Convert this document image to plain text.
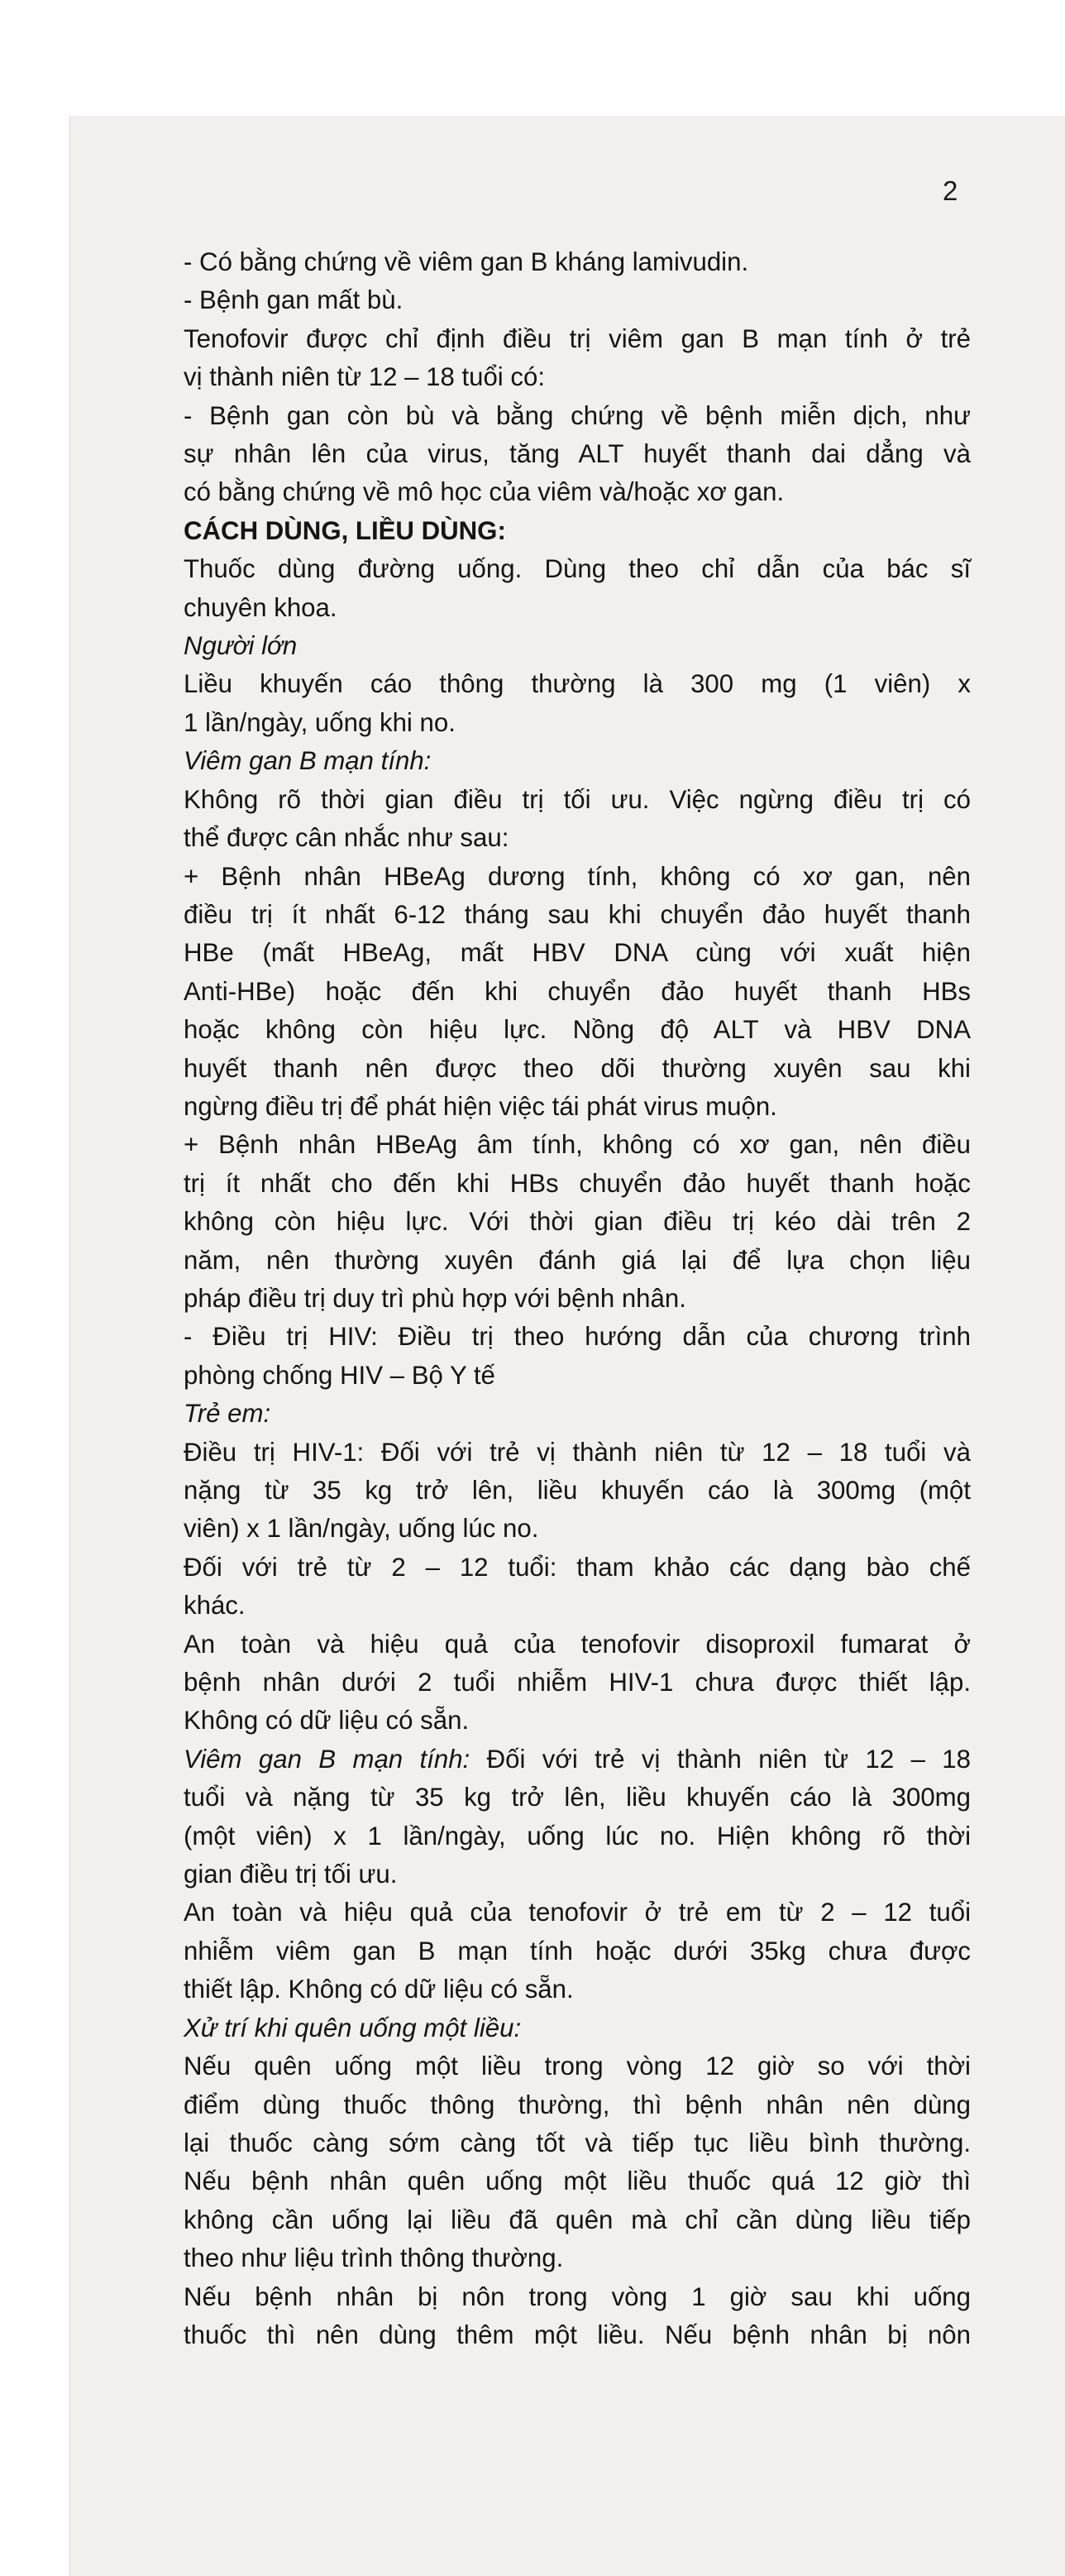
2
- Có bằng chứng về viêm gan B kháng lamivudin.
- Bệnh gan mất bù.
Tenofovir được chỉ định điều trị viêm gan B mạn tính ở trẻ
vị thành niên từ 12 – 18 tuổi có:
- Bệnh gan còn bù và bằng chứng về bệnh miễn dịch, như
sự nhân lên của virus, tăng ALT huyết thanh dai dẳng và
có bằng chứng về mô học của viêm và/hoặc xơ gan.
CÁCH DÙNG, LIỀU DÙNG:
Thuốc dùng đường uống. Dùng theo chỉ dẫn của bác sĩ
chuyên khoa.
Người lớn
Liều khuyến cáo thông thường là 300 mg (1 viên) x
1 lần/ngày, uống khi no.
Viêm gan B mạn tính:
Không rõ thời gian điều trị tối ưu. Việc ngừng điều trị có
thể được cân nhắc như sau:
+ Bệnh nhân HBeAg dương tính, không có xơ gan, nên
điều trị ít nhất 6-12 tháng sau khi chuyển đảo huyết thanh
HBe (mất HBeAg, mất HBV DNA cùng với xuất hiện
Anti-HBe) hoặc đến khi chuyển đảo huyết thanh HBs
hoặc không còn hiệu lực. Nồng độ ALT và HBV DNA
huyết thanh nên được theo dõi thường xuyên sau khi
ngừng điều trị để phát hiện việc tái phát virus muộn.
+ Bệnh nhân HBeAg âm tính, không có xơ gan, nên điều
trị ít nhất cho đến khi HBs chuyển đảo huyết thanh hoặc
không còn hiệu lực. Với thời gian điều trị kéo dài trên 2
năm, nên thường xuyên đánh giá lại để lựa chọn liệu
pháp điều trị duy trì phù hợp với bệnh nhân.
- Điều trị HIV: Điều trị theo hướng dẫn của chương trình
phòng chống HIV – Bộ Y tế
Trẻ em:
Điều trị HIV-1: Đối với trẻ vị thành niên từ 12 – 18 tuổi và
nặng từ 35 kg trở lên, liều khuyến cáo là 300mg (một
viên) x 1 lần/ngày, uống lúc no.
Đối với trẻ từ 2 – 12 tuổi: tham khảo các dạng bào chế
khác.
An toàn và hiệu quả của tenofovir disoproxil fumarat ở
bệnh nhân dưới 2 tuổi nhiễm HIV-1 chưa được thiết lập.
Không có dữ liệu có sẵn.
Viêm gan B mạn tính: Đối với trẻ vị thành niên từ 12 – 18
tuổi và nặng từ 35 kg trở lên, liều khuyến cáo là 300mg
(một viên) x 1 lần/ngày, uống lúc no. Hiện không rõ thời
gian điều trị tối ưu.
An toàn và hiệu quả của tenofovir ở trẻ em từ 2 – 12 tuổi
nhiễm viêm gan B mạn tính hoặc dưới 35kg chưa được
thiết lập. Không có dữ liệu có sẵn.
Xử trí khi quên uống một liều:
Nếu quên uống một liều trong vòng 12 giờ so với thời
điểm dùng thuốc thông thường, thì bệnh nhân nên dùng
lại thuốc càng sớm càng tốt và tiếp tục liều bình thường.
Nếu bệnh nhân quên uống một liều thuốc quá 12 giờ thì
không cần uống lại liều đã quên mà chỉ cần dùng liều tiếp
theo như liệu trình thông thường.
Nếu bệnh nhân bị nôn trong vòng 1 giờ sau khi uống
thuốc thì nên dùng thêm một liều. Nếu bệnh nhân bị nôn
